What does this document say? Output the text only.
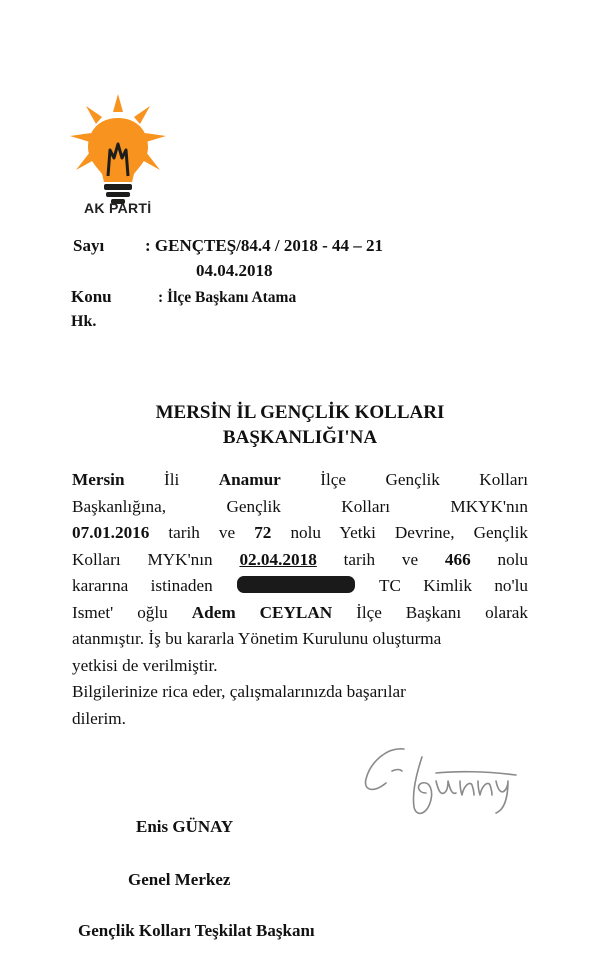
AK PARTİ
Sayı : GENÇTEŞ/84.4 / 2018 - 44 – 21
04.04.2018
Konu	: İlçe Başkanı Atama
Hk.
MERSİN İL GENÇLİK KOLLARI
BAŞKANLIĞI'NA
Mersin İli Anamur İlçe Gençlik Kolları
Başkanlığına, Gençlik Kolları MKYK'nın
07.01.2016 tarih ve 72 nolu Yetki Devrine, Gençlik
Kolları MYK'nın 02.04.2018 tarih ve 466 nolu
kararına istinaden	TC Kimlik no'lu
Ismet' oğlu Adem CEYLAN İlçe Başkanı olarak
atanmıştır. İş bu kararla Yönetim Kurulunu oluşturma
yetkisi de verilmiştir.
Bilgilerinize rica eder, çalışmalarınızda başarılar
dilerim.
Enis GÜNAY
Genel Merkez
Gençlik Kolları Teşkilat Başkanı
